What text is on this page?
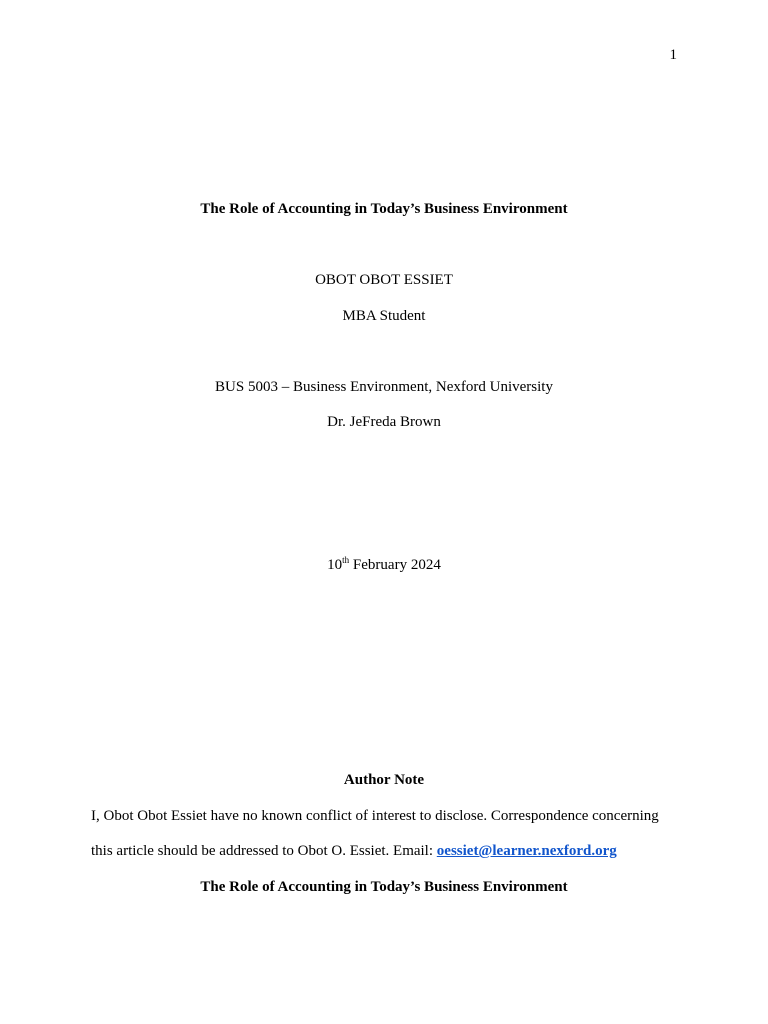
1
The Role of Accounting in Today’s Business Environment
OBOT OBOT ESSIET
MBA Student
BUS 5003 – Business Environment, Nexford University
Dr. JeFreda Brown
10th February 2024
Author Note
I, Obot Obot Essiet have no known conflict of interest to disclose. Correspondence concerning
this article should be addressed to Obot O. Essiet. Email: oessiet@learner.nexford.org
The Role of Accounting in Today’s Business Environment
